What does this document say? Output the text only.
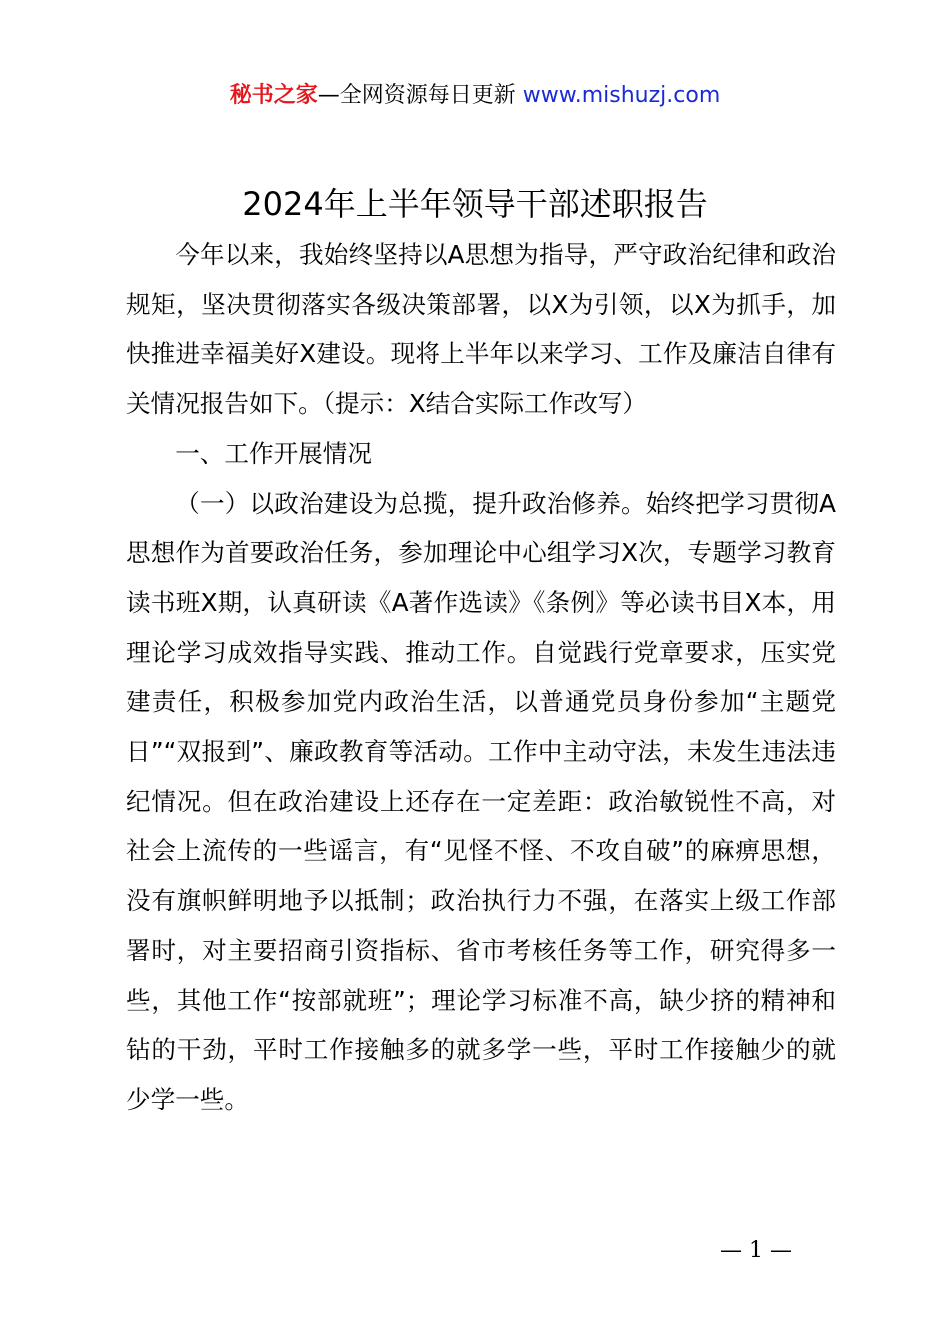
秘书之家—全网资源每日更新 www.mishuzj.com
2024年上半年领导干部述职报告

今年以来，我始终坚持以A思想为指导，严守政治纪律和政治规矩，坚决贯彻落实各级决策部署，以X为引领，以X为抓手，加快推进幸福美好X建设。现将上半年以来学习、工作及廉洁自律有关情况报告如下。（提示：X结合实际工作改写）

一、工作开展情况

（一）以政治建设为总揽，提升政治修养。始终把学习贯彻A思想作为首要政治任务，参加理论中心组学习X次，专题学习教育读书班X期，认真研读《A著作选读》《条例》等必读书目X本，用理论学习成效指导实践、推动工作。自觉践行党章要求，压实党建责任，积极参加党内政治生活，以普通党员身份参加“主题党日”“双报到”、廉政教育等活动。工作中主动守法，未发生违法违纪情况。但在政治建设上还存在一定差距：政治敏锐性不高，对社会上流传的一些谣言，有“见怪不怪、不攻自破”的麻痹思想，没有旗帜鲜明地予以抵制；政治执行力不强，在落实上级工作部署时，对主要招商引资指标、省市考核任务等工作，研究得多一些，其他工作“按部就班”；理论学习标准不高，缺少挤的精神和钻的干劲，平时工作接触多的就多学一些，平时工作接触少的就少学一些。

— 1 —
